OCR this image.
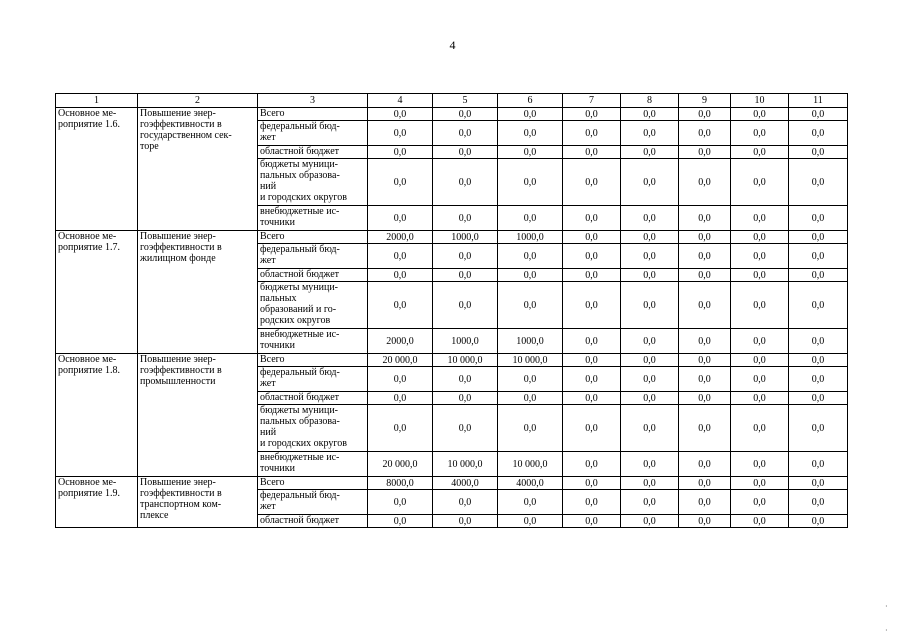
4
1	2	3	4	5	6	7	8	9	10	11

Основное ме-
роприятие 1.6.	Повышение энер-
гоэффективности в
государственном сек-
торе	Всего	0,0	0,0	0,0	0,0	0,0	0,0	0,0	0,0

		федеральный бюд-
жет	0,0	0,0	0,0	0,0	0,0	0,0	0,0	0,0

		областной бюджет	0,0	0,0	0,0	0,0	0,0	0,0	0,0	0,0

		бюджеты муници-
пальных образова-
ний
и городских округов	0,0	0,0	0,0	0,0	0,0	0,0	0,0	0,0

		внебюджетные ис-
точники	0,0	0,0	0,0	0,0	0,0	0,0	0,0	0,0

Основное ме-
роприятие 1.7.	Повышение энер-
гоэффективности в
жилищном фонде	Всего	2000,0	1000,0	1000,0	0,0	0,0	0,0	0,0	0,0

		федеральный бюд-
жет	0,0	0,0	0,0	0,0	0,0	0,0	0,0	0,0

		областной бюджет	0,0	0,0	0,0	0,0	0,0	0,0	0,0	0,0

		бюджеты муници-
пальных
образований и го-
родских округов	0,0	0,0	0,0	0,0	0,0	0,0	0,0	0,0

		внебюджетные ис-
точники	2000,0	1000,0	1000,0	0,0	0,0	0,0	0,0	0,0

Основное ме-
роприятие 1.8.	Повышение энер-
гоэффективности в
промышленности	Всего	20 000,0	10 000,0	10 000,0	0,0	0,0	0,0	0,0	0,0

		федеральный бюд-
жет	0,0	0,0	0,0	0,0	0,0	0,0	0,0	0,0

		областной бюджет	0,0	0,0	0,0	0,0	0,0	0,0	0,0	0,0

		бюджеты муници-
пальных образова-
ний
и городских округов	0,0	0,0	0,0	0,0	0,0	0,0	0,0	0,0

		внебюджетные ис-
точники	20 000,0	10 000,0	10 000,0	0,0	0,0	0,0	0,0	0,0

Основное ме-
роприятие 1.9.	Повышение энер-
гоэффективности в
транспортном ком-
плексе	Всего	8000,0	4000,0	4000,0	0,0	0,0	0,0	0,0	0,0

		федеральный бюд-
жет	0,0	0,0	0,0	0,0	0,0	0,0	0,0	0,0

		областной бюджет	0,0	0,0	0,0	0,0	0,0	0,0	0,0	0,0
·

·
